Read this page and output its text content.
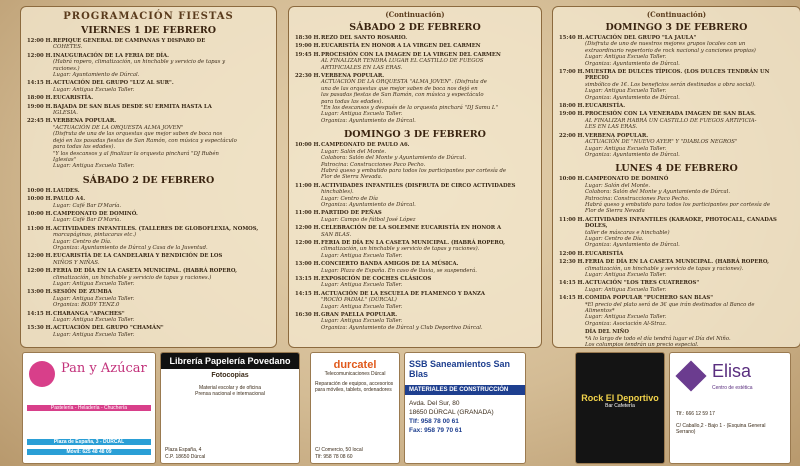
PROGRAMACIÓN FIESTAS
VIERNES 1 DE FEBRERO
12:00 H. REPIQUE GENERAL DE CAMPANAS Y DISPARO DE
COHETES.
12:00 H. INAUGURACIÓN DE LA FERIA DE DÍA.
(Habrá ropero, climatización, un hinchable y servicio de tapas y
raciones.)
Lugar: Ayuntamiento de Dúrcal.
14:15 H. ACTUACIÓN DEL GRUPO "LUZ AL SUR".
Lugar: Antigua Escuela Taller.
18:00 H. EUCARISTÍA.
19:00 H. BAJADA DE SAN BLAS DESDE SU ERMITA HASTA LA
IGLESIA.
22:45 H. VERBENA POPULAR.
"ACTUACIÓN DE LA ORQUESTA ALMA JOVEN"
(Disfruta de una de las orquestas que mejor saben de boca nos
dejó en las pasadas fiestas de San Ramón, con música y espectáculo
para todas las edades).
"Y los descansos y al finalizar la orquesta pinchará "DJ Rubén
Iglesias"
Lugar: Antigua Escuela Taller.
SÁBADO 2 DE FEBRERO
10:00 H. LAUDES.
10:00 H. PAULO A4.
Lugar: Café Bar D'María.
10:00 H. CAMPEONATO DE DOMINÓ.
Lugar: Café Bar D'María.
11:00 H. ACTIVIDADES INFANTILES. (TALLERES DE GLOBOFLEXIA, NOMOS,
marcapáginas, pintacaras etc.)
Lugar: Centro de Día.
Organiza: Ayuntamiento de Dúrcal y Casa de la Juventud.
12:00 H. EUCARISTÍA DE LA CANDELARIA Y BENDICIÓN DE LOS
NIÑOS Y NIÑAS.
12:00 H. FERIA DE DÍA EN LA CASETA MUNICIPAL. (HABRÁ ROPERO,
climatización, un hinchable y servicio de tapas y raciones.)
Lugar: Antigua Escuela Taller.
13:00 H. SESIÓN DE ZUMBA
Lugar: Antigua Escuela Taller.
Organiza: BODY TENZ.0
14:15 H. CHARANGA "APACHES"
Lugar: Antigua Escuela Taller.
15:30 H. ACTUACIÓN DEL GRUPO "CHAMÁN"
Lugar: Antigua Escuela Taller.
(Continuación)
SÁBADO 2 DE FEBRERO
18:30 H. REZO DEL SANTO ROSARIO.
19:00 H. EUCARISTÍA EN HONOR A LA VIRGEN DEL CARMEN
19:45 H. PROCESIÓN CON LA IMAGEN DE LA VIRGEN DEL CARMEN
AL FINALIZAR TENDRÁ LUGAR EL CASTILLO DE FUEGOS
ARTIFICIALES EN LAS ERAS.
22:30 H. VERBENA POPULAR.
ACTUACIÓN DE LA ORQUESTA "ALMA JOVEN". (Disfruta de
una de las orquestas que mejor saben de boca nos dejó en
las pasadas fiestas de San Ramón, con música y espectáculo
para todas las edades).
"En los descansos y después de la orquesta pinchará "DJ Samu L"
Lugar: Antigua Escuela Taller.
Organiza: Ayuntamiento de Dúrcal.
DOMINGO 3 DE FEBRERO
10:00 H. CAMPEONATO DE PAULO A6.
Lugar: Salón del Monte.
Colabora: Salón del Monte y Ayuntamiento de Dúrcal.
Patrocina: Construcciones Paco Pecho.
Habrá queso y embutido para todos los participantes por cortesía de
Flor de Sierra Nevada.
11:00 H. ACTIVIDADES INFANTILES (DISFRUTA DE CIRCO ACTIVIDADES
hinchables).
Lugar: Centro de Día
Organiza: Ayuntamiento de Dúrcal.
11:00 H. PARTIDO DE PEÑAS
Lugar: Campo de fútbol José López
12:00 H. CELEBRACIÓN DE LA SOLEMNE EUCARISTÍA EN HONOR A
SAN BLAS.
12:00 H. FERIA DE DÍA EN LA CASETA MUNICIPAL. (HABRÁ ROPERO,
climatización, un hinchable y servicio de tapas y raciones).
Lugar: Antigua Escuela Taller.
13:00 H. CONCIERTO BANDA AMIGOS DE LA MÚSICA.
Lugar: Plaza de España. En caso de lluvia, se suspenderá.
13:15 H. EXPOSICIÓN DE COCHES CLÁSICOS
Lugar: Antigua Escuela Taller.
14:15 H. ACTUACIÓN DE LA ESCUELA DE FLAMENCO Y DANZA
"ROCÍO PADIAL" (DÚRCAL)
Lugar: Antigua Escuela Taller.
16:30 H. GRAN PAELLA POPULAR.
Lugar: Antigua Escuela Taller.
Organiza: Ayuntamiento de Dúrcal y Club Deportivo Dúrcal.
(Continuación)
DOMINGO 3 DE FEBRERO
15:40 H. ACTUACIÓN DEL GRUPO "LA JAULA"
(Disfruta de uno de nuestros mejores grupos locales con un
extraordinario repertorio de rock nacional y canciones propias)
Lugar: Antigua Escuela Taller.
Organiza: Ayuntamiento de Dúrcal.
17:00 H. MUESTRA DE DULCES TÍPICOS. (LOS DULCES TENDRÁN UN PRECIO
simbólico de 1€. Los beneficios serán destinados a obra social).
Lugar: Antigua Escuela Taller.
Organiza: Ayuntamiento de Dúrcal.
18:00 H. EUCARISTÍA.
19:00 H. PROCESIÓN CON LA VENERADA IMAGEN DE SAN BLAS.
AL FINALIZAR HABRÁ UN CASTILLO DE FUEGOS ARTIFICIA-
LES EN LAS ERAS.
22:00 H. VERBENA POPULAR.
ACTUACIÓN DE "NUEVO AYER" Y "DIABLOS NEGROS"
Lugar: Antigua Escuela Taller.
Organiza: Ayuntamiento de Dúrcal.
LUNES 4 DE FEBRERO
10:00 H. CAMPEONATO DE DOMINÓ
Lugar: Salón del Monte.
Colabora: Salón del Monte y Ayuntamiento de Dúrcal.
Patrocina: Construcciones Paco Pecho.
Habrá queso y embutido para todos los participantes por cortesía de
Flor de Sierra Nevada
11:00 H. ACTIVIDADES INFANTILES (KARAOKE, PHOTOCALL, CANADAS DOLES,
taller de máscaras e hinchable)
Lugar: Centro de Día.
Organiza: Ayuntamiento de Dúrcal.
12:00 H. EUCARISTÍA
12:30 H. FERIA DE DÍA EN LA CASETA MUNICIPAL. (HABRÁ ROPERO,
climatización, un hinchable y servicio de tapas y raciones).
Lugar: Antigua Escuela Taller.
14:15 H. ACTUACIÓN "LOS TRES CUATREROS"
Lugar: Antigua Escuela Taller.
14:15 H. COMIDA POPULAR "PUCHERO SAN BLAS"
*El precio del plato será de 3€ que irán destinados al Banco de
Alimentos*
Lugar: Antigua Escuela Taller.
Organiza: Asociación Al-Straz.
DÍA DEL NIÑO
*A lo largo de todo el día tendrá lugar el Día del Niño.
Los columpios tendrán un precio especial.
Pan y Azúcar
Pastelería - Heladería - Chuchería
Plaza de España, 3 - DÚRCAL
Móvil: 625 48 48 09
Librería Papelería Povedano
Fotocopias
Material escolar y de oficina
Prensa nacional e internacional
Plaza España, 4
C.P. 18650 Dúrcal
durcatel
Telecomunicaciones Dúrcal
Reparación de equipos, accesorios para móviles, tablets, ordenadores
C/ Comercio, 50 local
Tlf: 958 78 08 60
SSB Saneamientos San Blas
MATERIALES DE CONSTRUCCIÓN
Avda. Del Sur, 80
18650 DÚRCAL (GRANADA)
Tlf: 958 78 00 61
Fax: 958 79 70 61
Rock El Deportivo
Bar Cafetería
Elisa
Centro de estética
Tlf.: 666 12 59 17
C/ Caballo,2 - Bajo 1 - (Esquina General Serrano)
